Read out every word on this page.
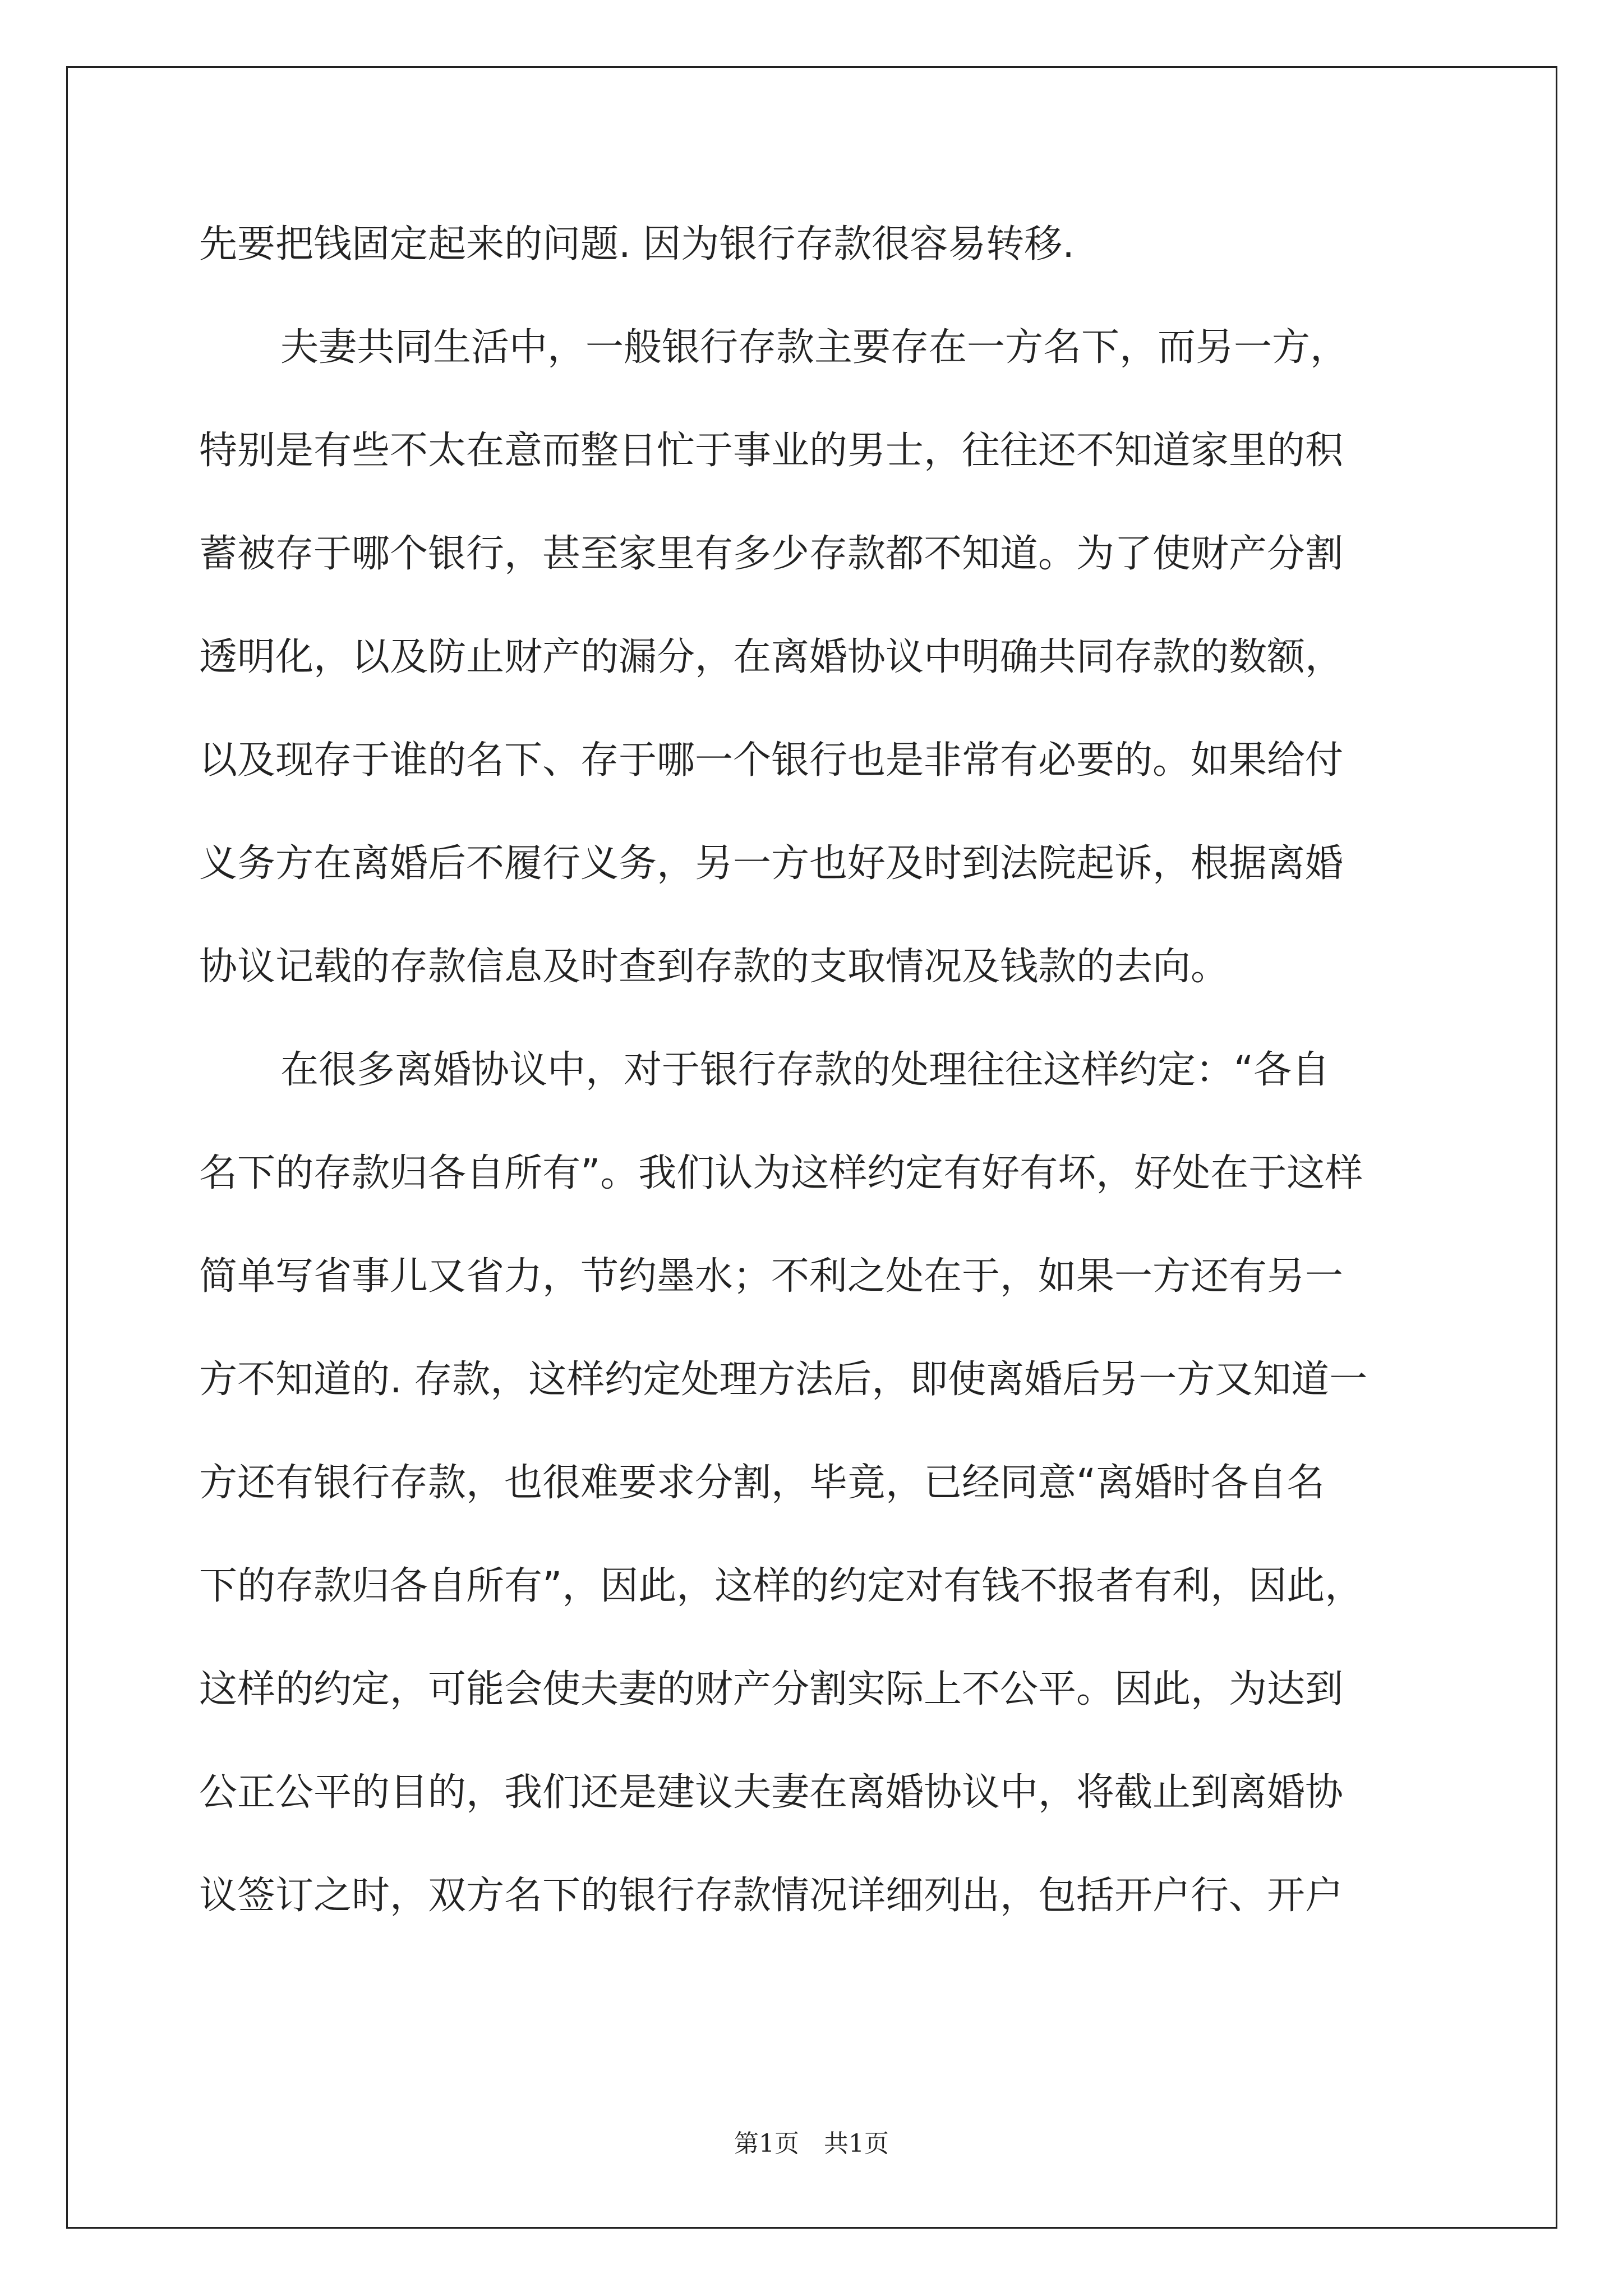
先要把钱固定起来的问题. 因为银行存款很容易转移.

夫妻共同生活中，一般银行存款主要存在一方名下，而另一方，

特别是有些不太在意而整日忙于事业的男士，往往还不知道家里的积

蓄被存于哪个银行，甚至家里有多少存款都不知道。为了使财产分割

透明化，以及防止财产的漏分，在离婚协议中明确共同存款的数额，

以及现存于谁的名下、存于哪一个银行也是非常有必要的。如果给付

义务方在离婚后不履行义务，另一方也好及时到法院起诉，根据离婚

协议记载的存款信息及时查到存款的支取情况及钱款的去向。

在很多离婚协议中，对于银行存款的处理往往这样约定：“各自

名下的存款归各自所有”。我们认为这样约定有好有坏，好处在于这样

简单写省事儿又省力，节约墨水；不利之处在于，如果一方还有另一

方不知道的. 存款，这样约定处理方法后，即使离婚后另一方又知道一

方还有银行存款，也很难要求分割，毕竟，已经同意“离婚时各自名

下的存款归各自所有”，因此，这样的约定对有钱不报者有利，因此，

这样的约定，可能会使夫妻的财产分割实际上不公平。因此，为达到

公正公平的目的，我们还是建议夫妻在离婚协议中，将截止到离婚协

议签订之时，双方名下的银行存款情况详细列出，包括开户行、开户

第1页　共1页
